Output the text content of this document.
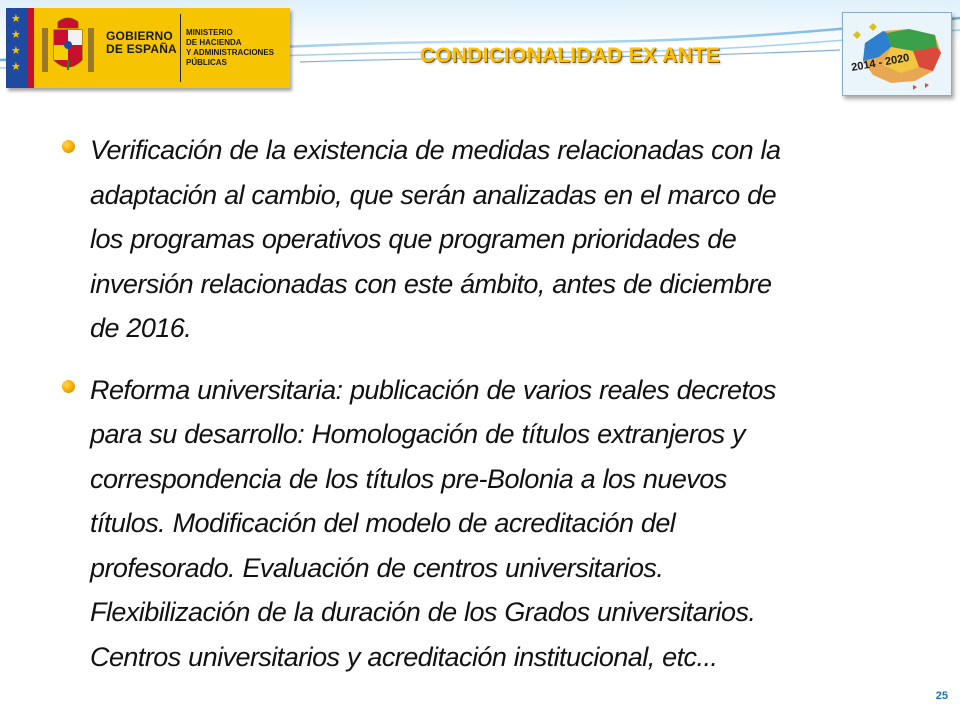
★
★
★
★
GOBIERNO
DE ESPAÑA
MINISTERIO
DE HACIENDA
Y ADMINISTRACIONES
PÚBLICAS	CONDICIONALIDAD EX ANTE	2014 - 2020
Verificación de la existencia de medidas relacionadas con la
adaptación al cambio, que serán analizadas en el marco de
los programas operativos que programen prioridades de
inversión relacionadas con este ámbito, antes de diciembre
de 2016.
Reforma universitaria: publicación de varios reales decretos
para su desarrollo: Homologación de títulos extranjeros y
correspondencia de los títulos pre-Bolonia a los nuevos
títulos. Modificación del modelo de acreditación del
profesorado. Evaluación de centros universitarios.
Flexibilización de la duración de los Grados universitarios.
Centros universitarios y acreditación institucional, etc...
25
